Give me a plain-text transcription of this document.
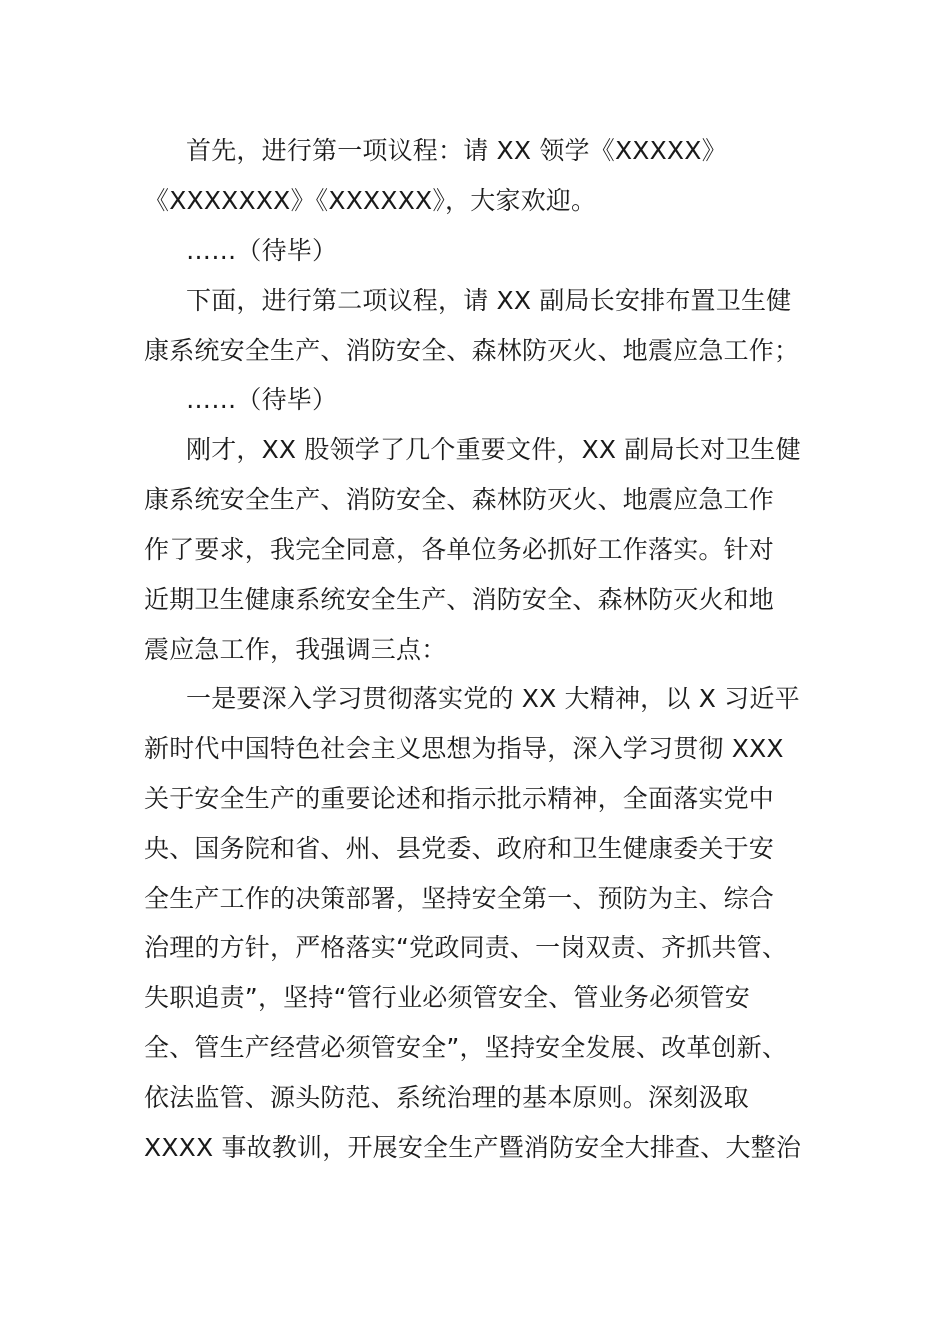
首先，进行第一项议程：请 XX 领学《XXXXX》
《XXXXXXX》《XXXXXX》，大家欢迎。
……（待毕）
下面，进行第二项议程，请 XX 副局长安排布置卫生健
康系统安全生产、消防安全、森林防灭火、地震应急工作；
……（待毕）
刚才，XX 股领学了几个重要文件，XX 副局长对卫生健
康系统安全生产、消防安全、森林防灭火、地震应急工作
作了要求，我完全同意，各单位务必抓好工作落实。针对
近期卫生健康系统安全生产、消防安全、森林防灭火和地
震应急工作，我强调三点：
一是要深入学习贯彻落实党的 XX 大精神，以 X 习近平
新时代中国特色社会主义思想为指导，深入学习贯彻 XXX
关于安全生产的重要论述和指示批示精神，全面落实党中
央、国务院和省、州、县党委、政府和卫生健康委关于安
全生产工作的决策部署，坚持安全第一、预防为主、综合
治理的方针，严格落实“党政同责、一岗双责、齐抓共管、
失职追责”，坚持“管行业必须管安全、管业务必须管安
全、管生产经营必须管安全”，坚持安全发展、改革创新、
依法监管、源头防范、系统治理的基本原则。深刻汲取
XXXX 事故教训，开展安全生产暨消防安全大排查、大整治
